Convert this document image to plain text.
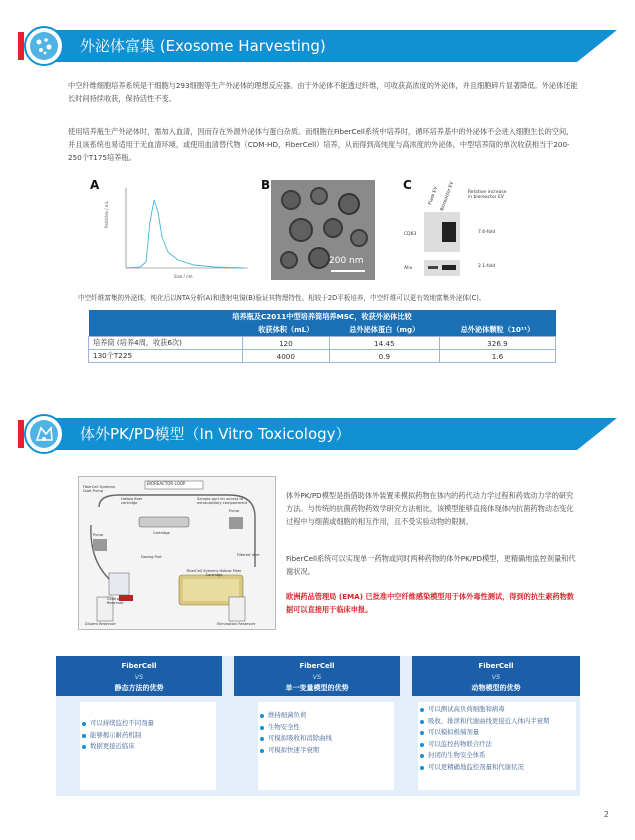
外泌体富集 (Exosome Harvesting)
中空纤维细胞培养系统是干细胞与293细胞等生产外泌体的理想反应器。由于外泌体不能透过纤维，可收获高浓度的外泌体，并且细胞碎片显著降低。外泌体还能长时间持续收获，保持活性不变。
使用培养瓶生产外泌体时，需加入血清，因而存在外源外泌体与蛋白杂质。而细胞在FiberCell系统中培养时，循环培养基中的外泌体不会进入细胞生长的空间，并且该系统也易适用于无血清环境，或使用血清替代物（CDM-HD，FiberCell）培养，从而得到高纯度与高浓度的外泌体，中型培养筒的单次收获相当于200-250个T175培养瓶。
A
Particles / mL
Size / nm
B
200 nm
C
Flask EV Bioreactor EV	Relative increase in bioreactor EV
CD63	7.6-fold
Alix	2.1-fold
中空纤维富集的外泌体，纯化后以NTA分析(A)和透射电镜(B)验证其物理特性。相较于2D平板培养，中空纤维可以更有效地富集外泌体(C)。
培养瓶及C2011中型培养筒培养MSC，收获外泌体比较			
	收获体积（mL）	总外泌体蛋白（mg）	总外泌体颗粒（10¹¹）
培养筒 (培养4周，收获6次)	120	14.45	326.9
130个T225	4000	0.9	1.6
体外PK/PD模型（In Vitro Toxicology）
BIOREACTOR LOOP
FiberCell Systems Duet Pump
Hollow fiber cartridge
Sample port for access to extracapillary compartment
Cartridge
Pump
Pump
Dosing Port	Filtered Vent
Central Reservoir
FiberCell Systems Hollow Fiber Cartridge
Diluent Reservoir	Elimination Reservoir
体外PK/PD模型是指借助体外装置来模拟药物在体内的药代动力学过程和药效动力学的研究方法。与传统的抗菌药物药效学研究方法相比，该模型能够直接体现体内抗菌药物动态变化过程中与细菌或细胞的相互作用，且不受实验动物的限制。
FiberCell系统可以实现单一药物或同时两种药物的体外PK/PD模型，更精确地监控剂量和代谢状况。
欧洲药品管理局 (EMA) 已批准中空纤维感染模型用于体外毒性测试，得到的抗生素药物数据可以直接用于临床申报。
FiberCell
VS
静态方法的优势
FiberCell
VS
单一变量模型的优势
FiberCell
VS
动物模型的优势
可以持续监控不同剂量
能够揭示耐药机制
数据更接近临床
维持细菌负荷
生物安全性
可模拟吸收和消除曲线
可模拟快速半衰期
可以测试高负荷细胞和病毒
吸收、排泄和代谢曲线更接近人体内半衰期
可以模拟极端剂量
可以监控药物联合疗法
封闭的生物安全体系
可以更精确地监控剂量和代谢状况
2
